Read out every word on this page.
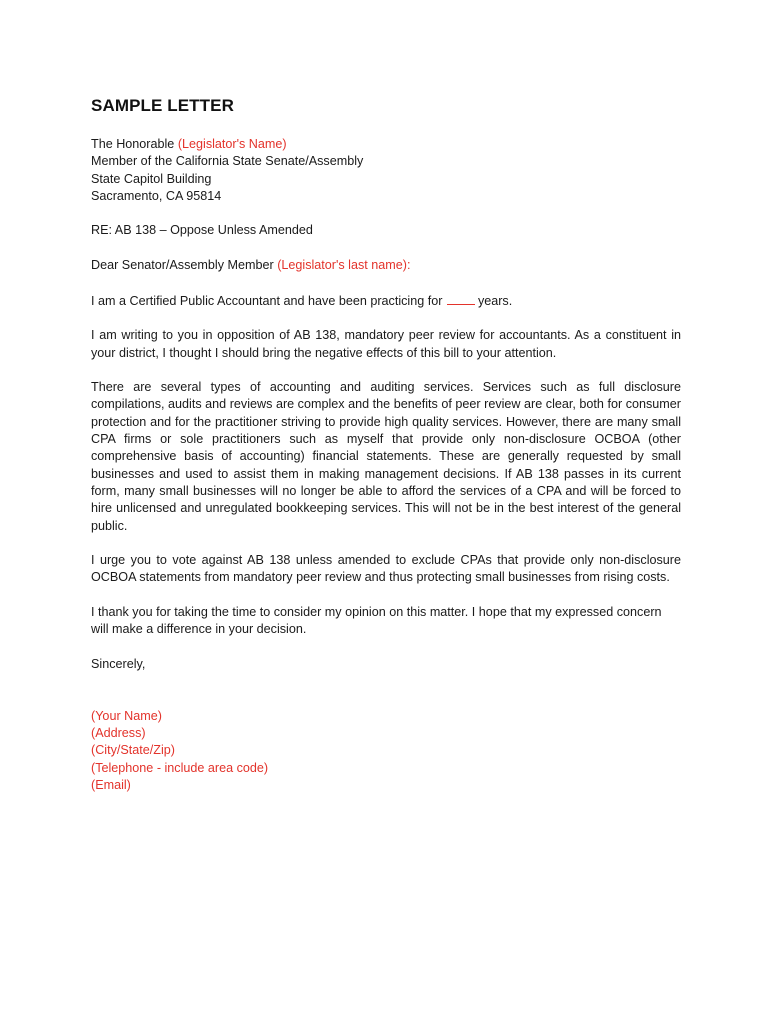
SAMPLE LETTER
The Honorable (Legislator's Name)
Member of the California State Senate/Assembly
State Capitol Building
Sacramento, CA 95814
RE: AB 138 – Oppose Unless Amended
Dear Senator/Assembly Member (Legislator's last name):
I am a Certified Public Accountant and have been practicing for	years.
I am writing to you in opposition of AB 138, mandatory peer review for accountants. As a constituent in your district, I thought I should bring the negative effects of this bill to your attention.
There are several types of accounting and auditing services. Services such as full disclosure compilations, audits and reviews are complex and the benefits of peer review are clear, both for consumer protection and for the practitioner striving to provide high quality services. However, there are many small CPA firms or sole practitioners such as myself that provide only non-disclosure OCBOA (other comprehensive basis of accounting) financial statements. These are generally requested by small businesses and used to assist them in making management decisions. If AB 138 passes in its current form, many small businesses will no longer be able to afford the services of a CPA and will be forced to hire unlicensed and unregulated bookkeeping services. This will not be in the best interest of the general public.
I urge you to vote against AB 138 unless amended to exclude CPAs that provide only non-disclosure OCBOA statements from mandatory peer review and thus protecting small businesses from rising costs.
I thank you for taking the time to consider my opinion on this matter. I hope that my expressed concern will make a difference in your decision.
Sincerely,
(Your Name)
(Address)
(City/State/Zip)
(Telephone - include area code)
(Email)
